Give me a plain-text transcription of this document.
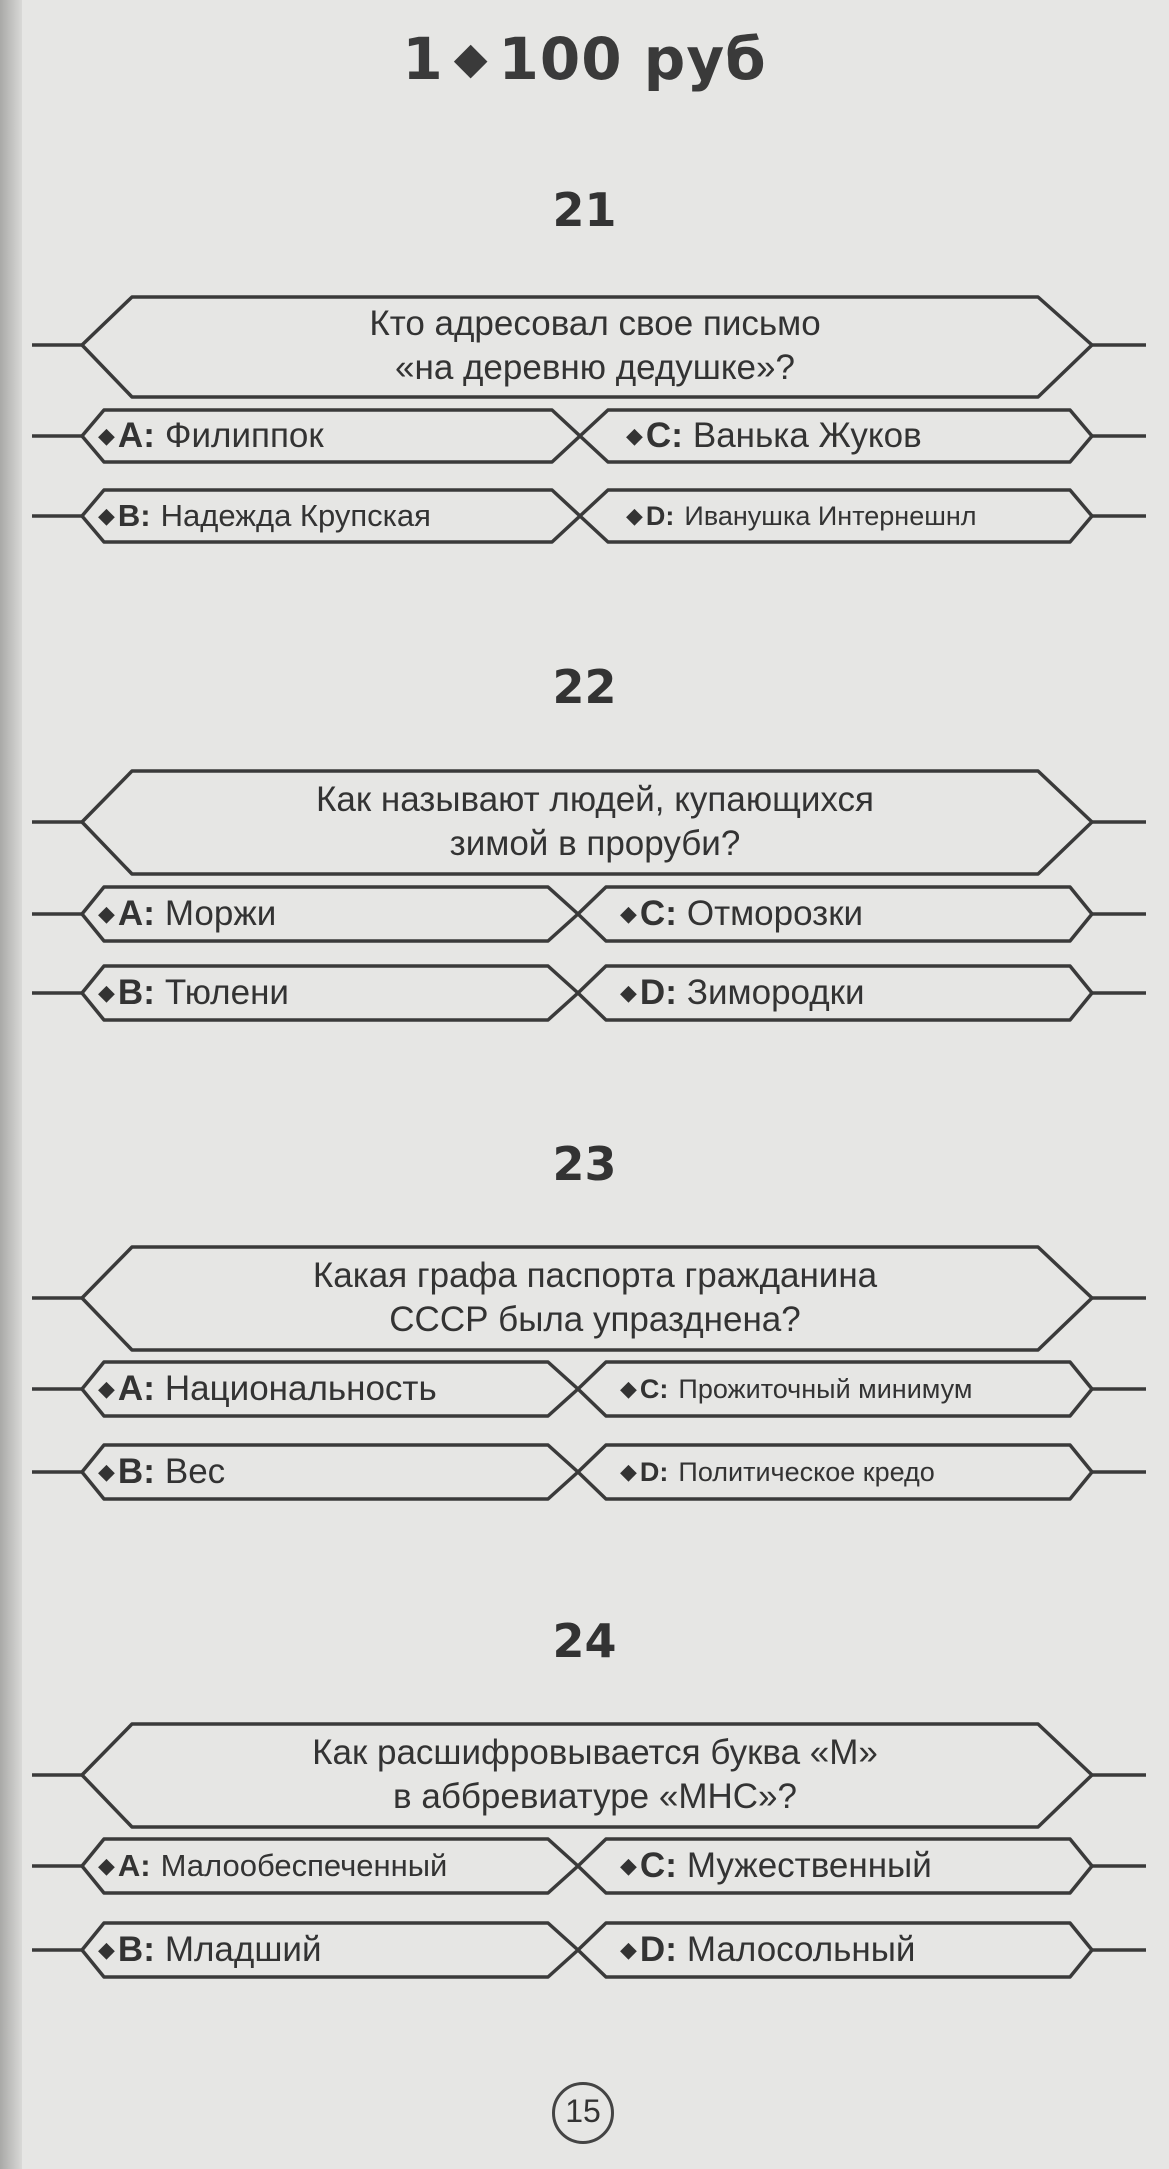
1 ◆ 100 руб
21
Кто адресовал свое письмо
«на деревню дедушке»?
◆ A: Филиппок	◆ C: Ванька Жуков
◆ B: Надежда Крупская	◆ D: Иванушка Интернешнл
22
Как называют людей, купающихся
зимой в проруби?
◆ A: Моржи	◆ C: Отморозки
◆ B: Тюлени	◆ D: Зимородки
23
Какая графа паспорта гражданина
СССР была упразднена?
◆ A: Национальность	◆ C: Прожиточный минимум
◆ B: Вес	◆ D: Политическое кредо
24
Как расшифровывается буква «М»
в аббревиатуре «МНС»?
◆ A: Малообеспеченный	◆ C: Мужественный
◆ B: Младший	◆ D: Малосольный
15
